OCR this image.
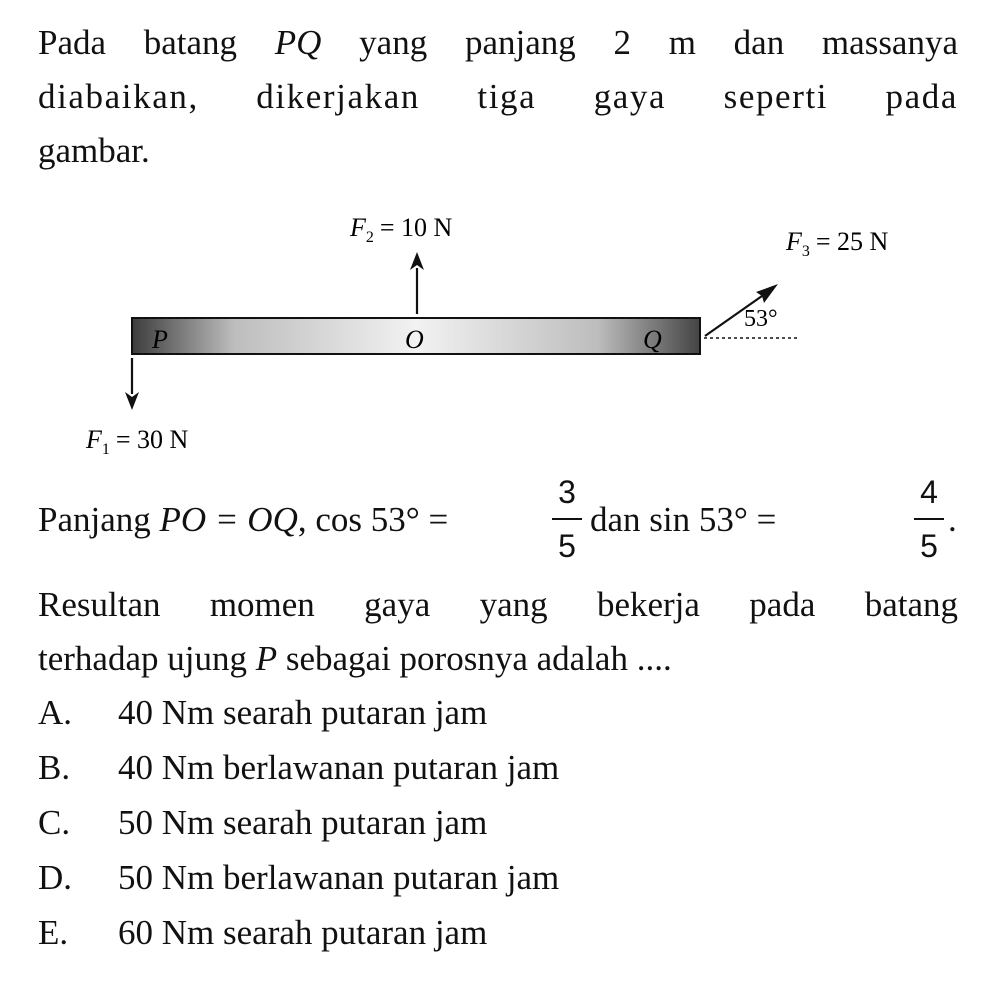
Pada batang PQ yang panjang 2 m dan massanya
diabaikan, dikerjakan tiga gaya seperti pada
gambar.
P	O	Q
$F_2 = 10$ N
53°
$F_3 = 25$ N
$F_1 = 30$ N
Panjang PO = OQ, cos 53° =
3
5
dan sin 53° =
4
5
.
Resultan momen gaya yang bekerja pada batang
terhadap ujung P sebagai porosnya adalah ....
A. 40 Nm searah putaran jam
B. 40 Nm berlawanan putaran jam
C. 50 Nm searah putaran jam
D. 50 Nm berlawanan putaran jam
E. 60 Nm searah putaran jam
